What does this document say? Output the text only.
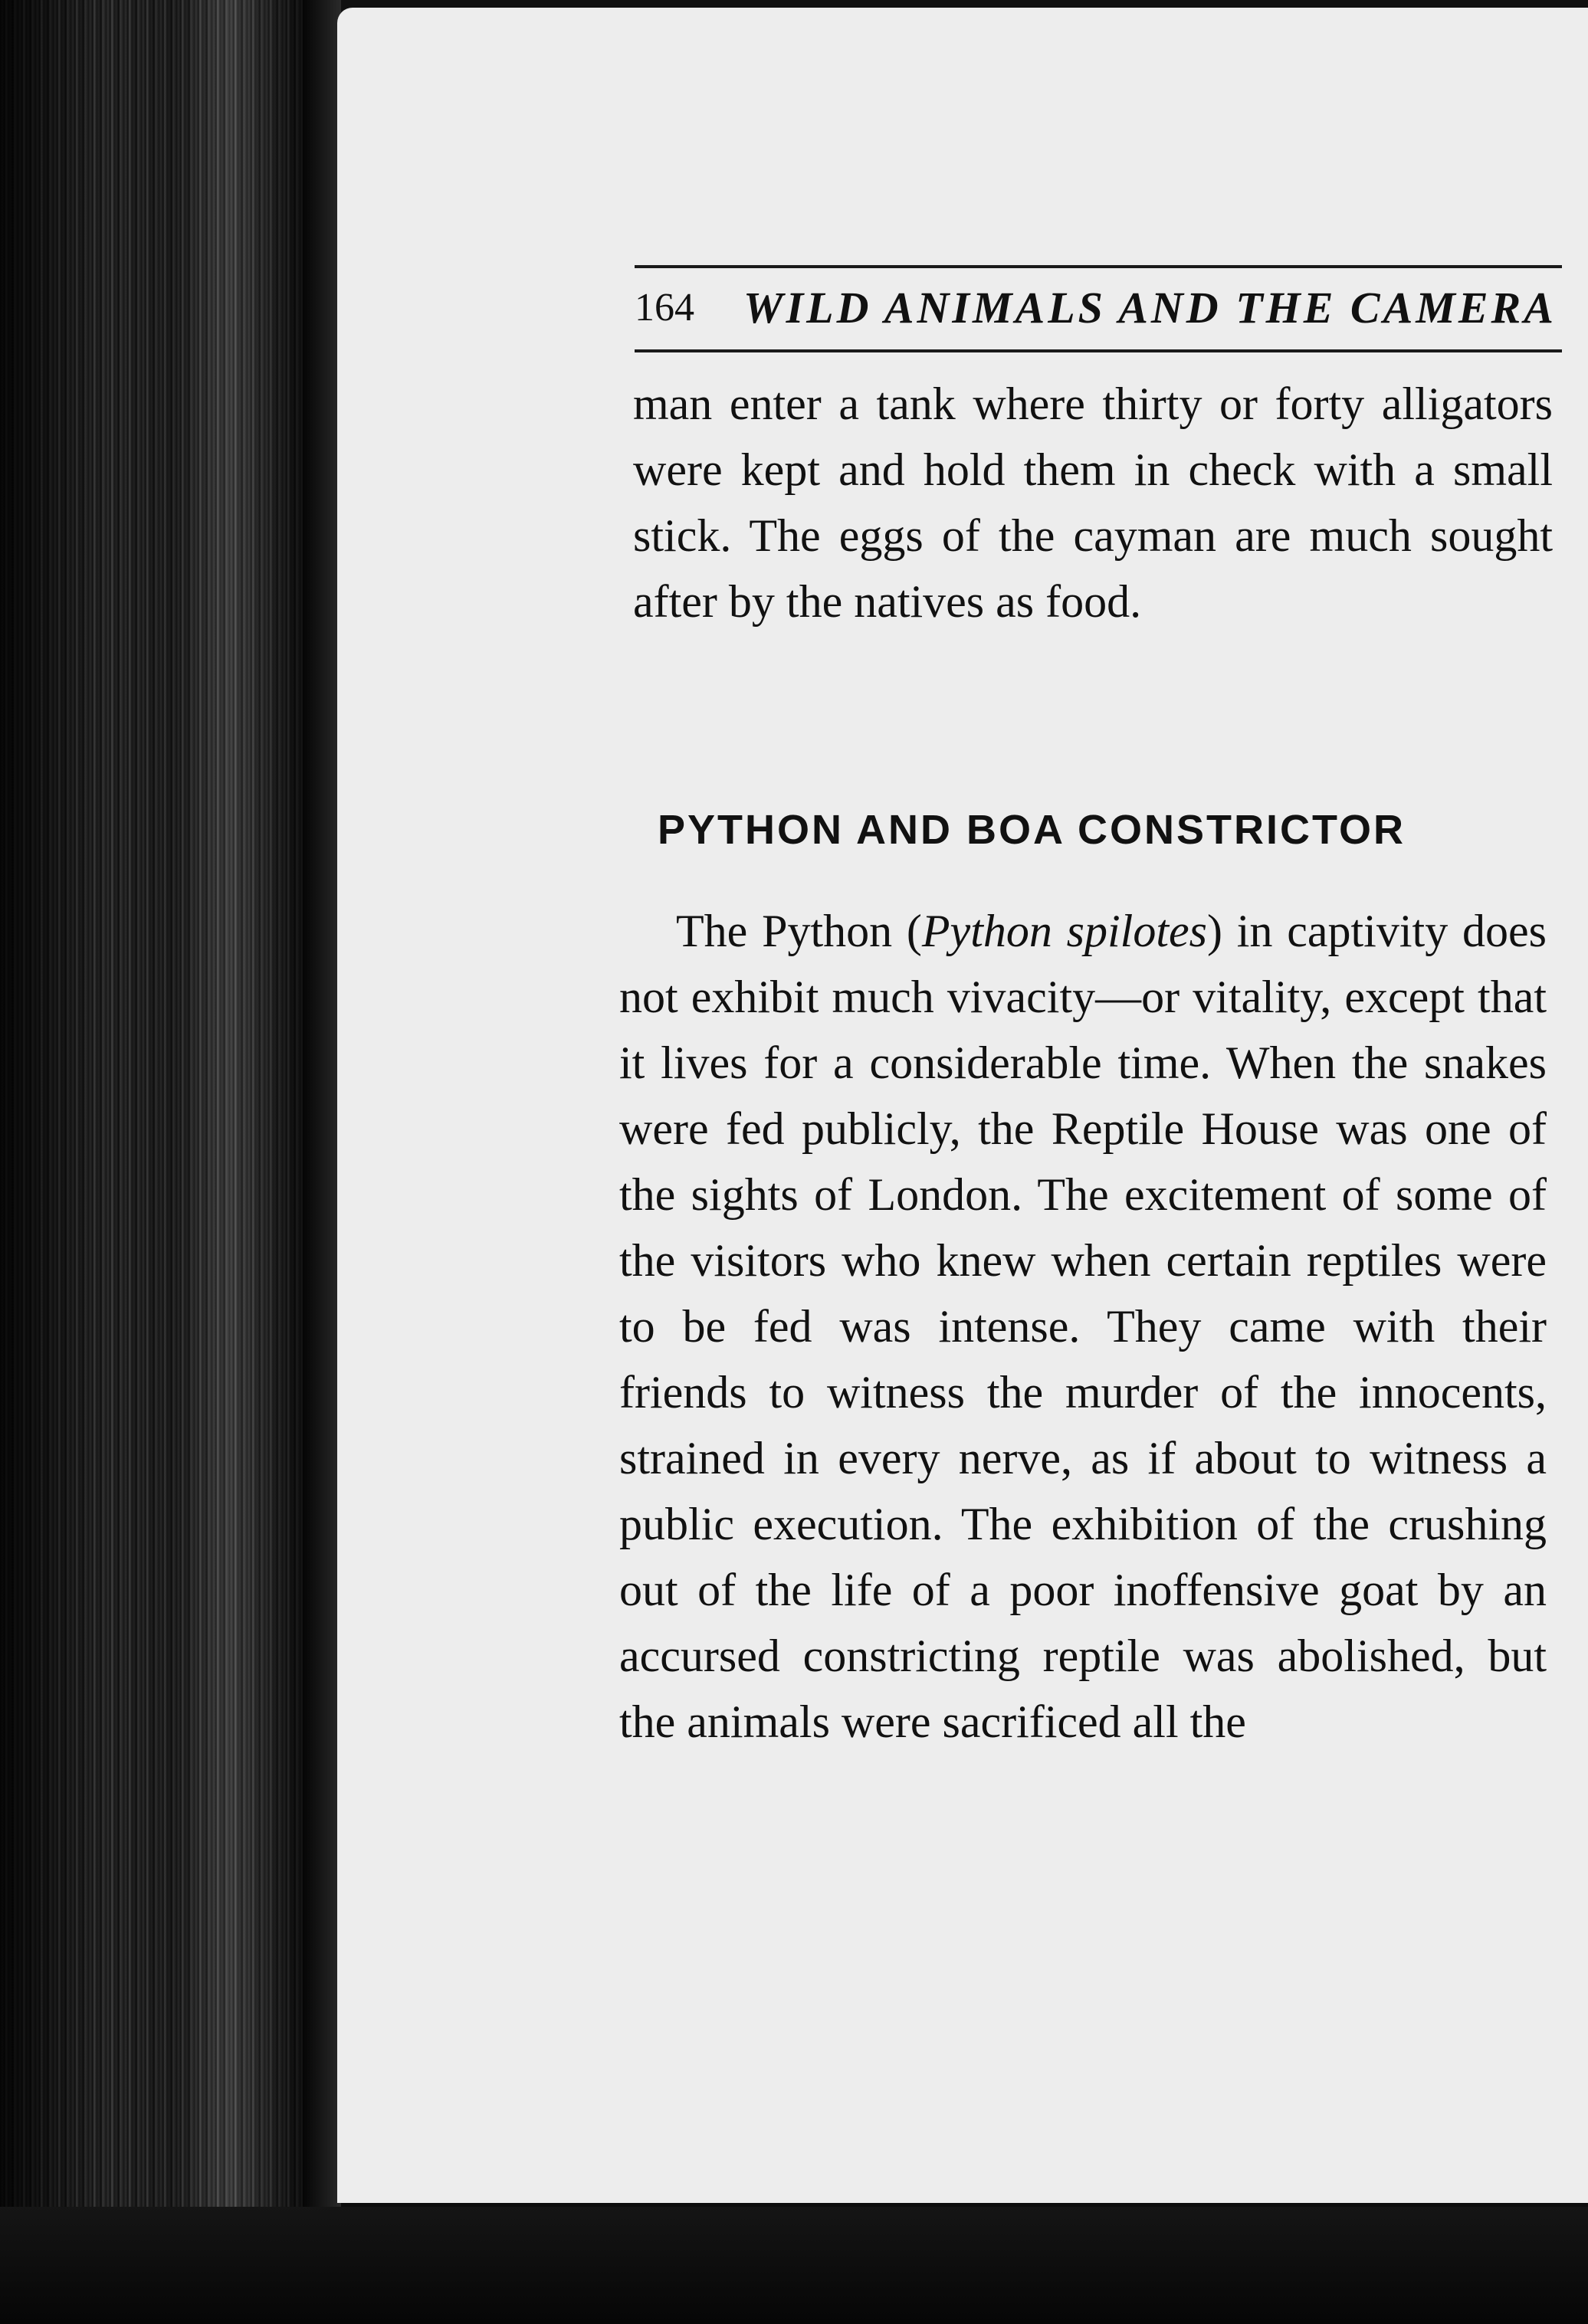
164 WILD ANIMALS AND THE CAMERA

man enter a tank where thirty or forty alligators were kept and hold them in check with a small stick. The eggs of the cayman are much sought after by the natives as food.

PYTHON AND BOA CONSTRICTOR

The Python (Python spilotes) in captivity does not exhibit much vivacity—or vitality, except that it lives for a considerable time. When the snakes were fed publicly, the Reptile House was one of the sights of London. The excitement of some of the visitors who knew when certain reptiles were to be fed was intense. They came with their friends to witness the murder of the innocents, strained in every nerve, as if about to witness a public execution. The exhibition of the crushing out of the life of a poor inoffensive goat by an accursed constricting reptile was abolished, but the animals were sacrificed all the
